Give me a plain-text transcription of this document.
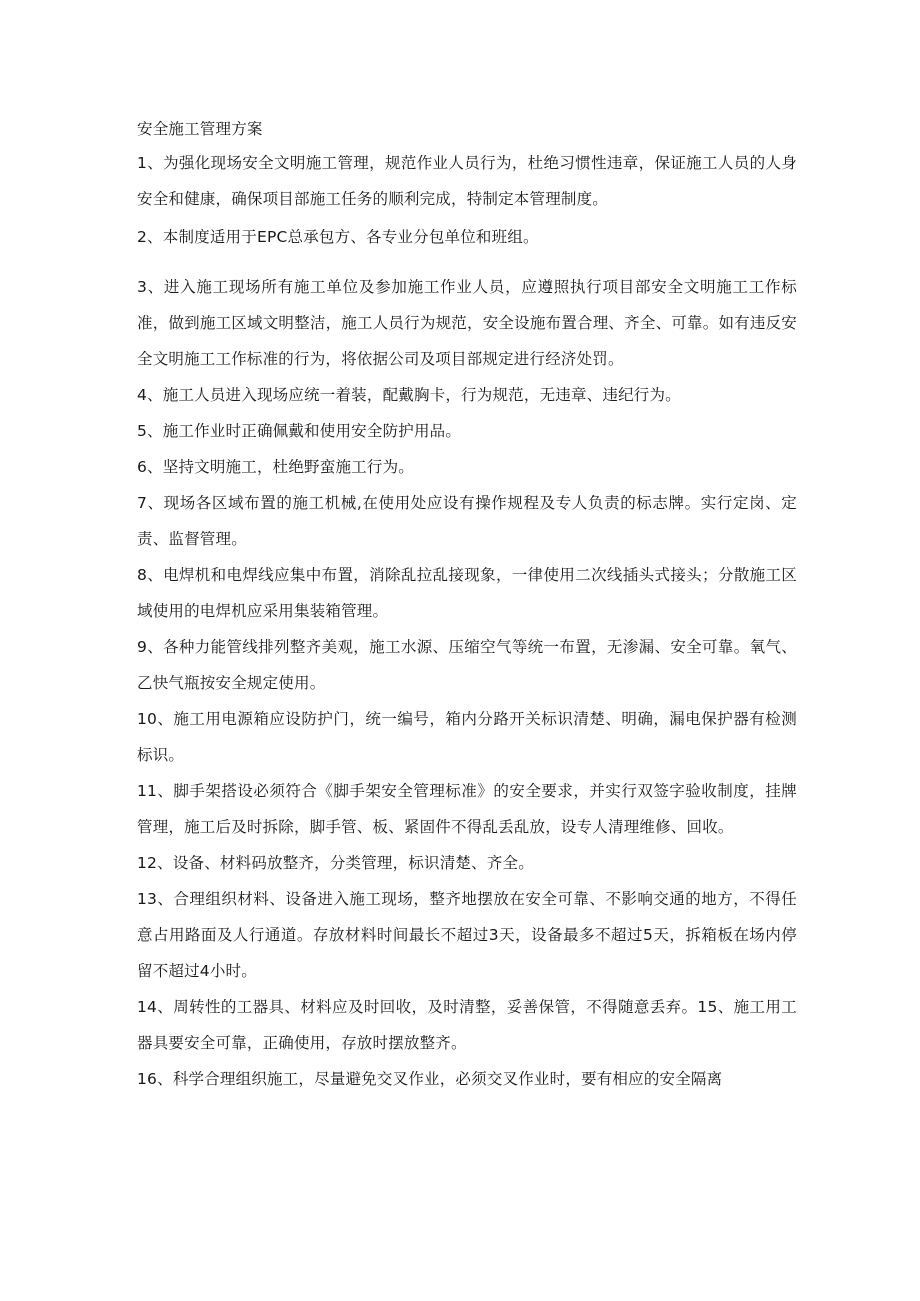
安全施工管理方案

1、为强化现场安全文明施工管理，规范作业人员行为，杜绝习惯性违章，保证施工人员的人身安全和健康，确保项目部施工任务的顺利完成，特制定本管理制度。

2、本制度适用于EPC总承包方、各专业分包单位和班组。

3、进入施工现场所有施工单位及参加施工作业人员，应遵照执行项目部安全文明施工工作标准，做到施工区域文明整洁，施工人员行为规范，安全设施布置合理、齐全、可靠。如有违反安全文明施工工作标准的行为，将依据公司及项目部规定进行经济处罚。

4、施工人员进入现场应统一着装，配戴胸卡，行为规范，无违章、违纪行为。

5、施工作业时正确佩戴和使用安全防护用品。

6、坚持文明施工，杜绝野蛮施工行为。

7、现场各区域布置的施工机械,在使用处应设有操作规程及专人负责的标志牌。实行定岗、定责、监督管理。

8、电焊机和电焊线应集中布置，消除乱拉乱接现象，一律使用二次线插头式接头；分散施工区域使用的电焊机应采用集装箱管理。

9、各种力能管线排列整齐美观，施工水源、压缩空气等统一布置，无渗漏、安全可靠。氧气、乙快气瓶按安全规定使用。

10、施工用电源箱应设防护门，统一编号，箱内分路开关标识清楚、明确，漏电保护器有检测标识。

11、脚手架搭设必须符合《脚手架安全管理标准》的安全要求，并实行双签字验收制度，挂牌管理，施工后及时拆除，脚手管、板、紧固件不得乱丢乱放，设专人清理维修、回收。

12、设备、材料码放整齐，分类管理，标识清楚、齐全。

13、合理组织材料、设备进入施工现场，整齐地摆放在安全可靠、不影响交通的地方，不得任意占用路面及人行通道。存放材料时间最长不超过3天，设备最多不超过5天，拆箱板在场内停留不超过4小时。

14、周转性的工器具、材料应及时回收，及时清整，妥善保管，不得随意丢弃。15、施工用工器具要安全可靠，正确使用，存放时摆放整齐。

16、科学合理组织施工，尽量避免交叉作业，必须交叉作业时，要有相应的安全隔离
